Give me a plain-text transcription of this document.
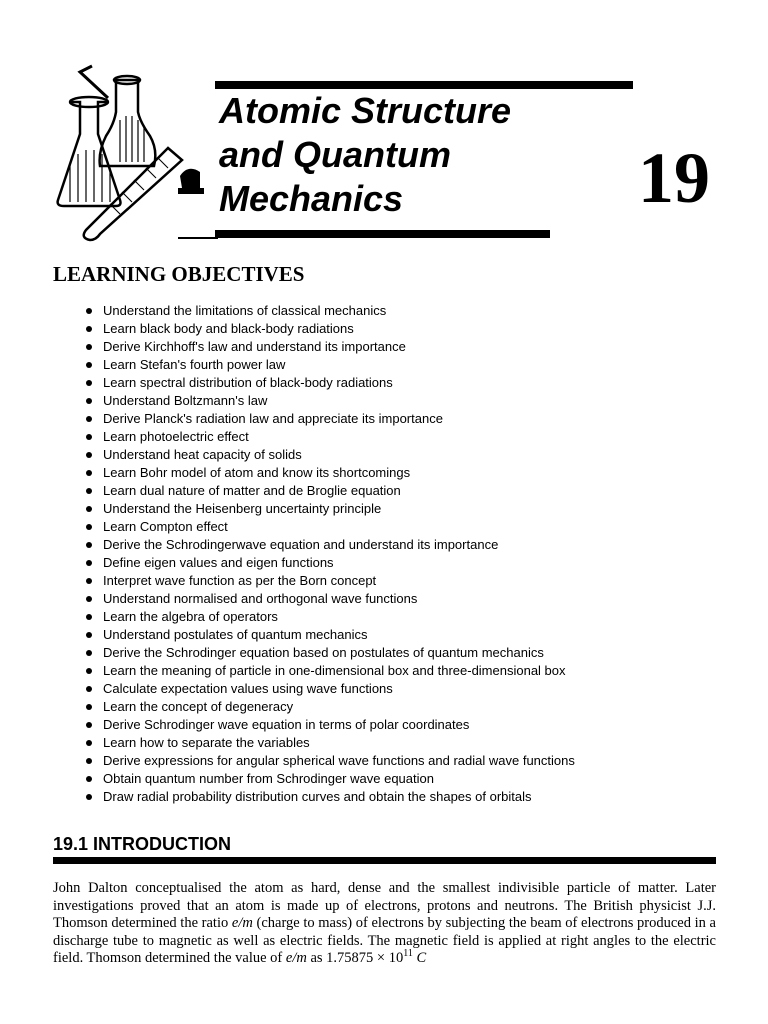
Atomic Structure
and Quantum
Mechanics	19
LEARNING OBJECTIVES
Understand the limitations of classical mechanics
Learn black body and black-body radiations
Derive Kirchhoff's law and understand its importance
Learn Stefan's fourth power law
Learn spectral distribution of black-body radiations
Understand Boltzmann's law
Derive Planck's radiation law and appreciate its importance
Learn photoelectric effect
Understand heat capacity of solids
Learn Bohr model of atom and know its shortcomings
Learn dual nature of matter and de Broglie equation
Understand the Heisenberg uncertainty principle
Learn Compton effect
Derive the Schrodingerwave equation and understand its importance
Define eigen values and eigen functions
Interpret wave function as per the Born concept
Understand normalised and orthogonal wave functions
Learn the algebra of operators
Understand postulates of quantum mechanics
Derive the Schrodinger equation based on postulates of quantum mechanics
Learn the meaning of particle in one-dimensional box and three-dimensional box
Calculate expectation values using wave functions
Learn the concept of degeneracy
Derive Schrodinger wave equation in terms of polar coordinates
Learn how to separate the variables
Derive expressions for angular spherical wave functions and radial wave functions
Obtain quantum number from Schrodinger wave equation
Draw radial probability distribution curves and obtain the shapes of orbitals
19.1 INTRODUCTION

John Dalton conceptualised the atom as hard, dense and the smallest indivisible particle of matter. Later investigations proved that an atom is made up of electrons, protons and neutrons. The British physicist J.J. Thomson determined the ratio e/m (charge to mass) of electrons by subjecting the beam of electrons produced in a discharge tube to magnetic as well as electric fields. The magnetic field is applied at right angles to the electric field. Thomson determined the value of e/m as $1.75875 \times 10^{11}$ C
